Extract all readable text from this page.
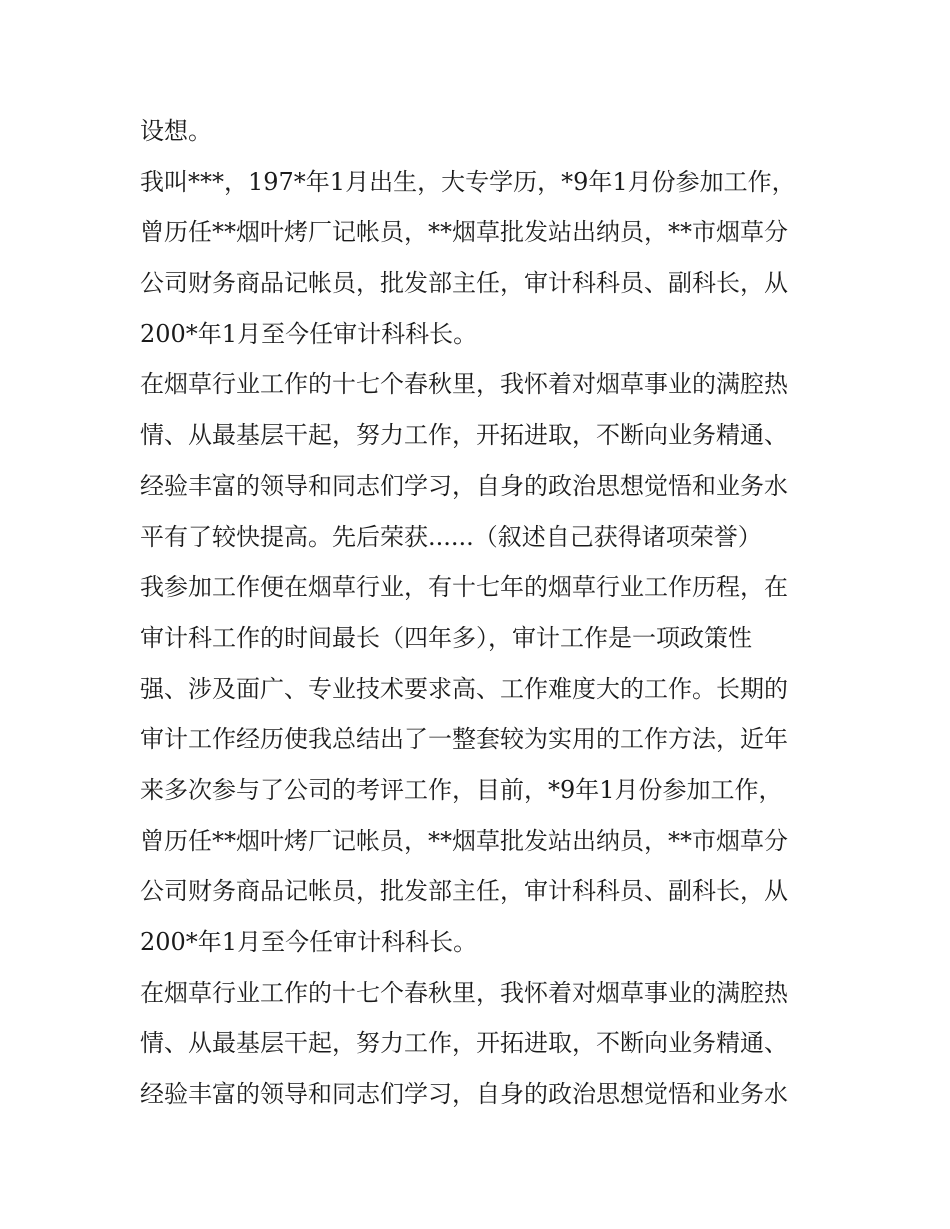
设想。
我叫***，197*年1月出生，大专学历，*9年1月份参加工作，
曾历任**烟叶烤厂记帐员，**烟草批发站出纳员，**市烟草分
公司财务商品记帐员，批发部主任，审计科科员、副科长，从
200*年1月至今任审计科科长。
在烟草行业工作的十七个春秋里，我怀着对烟草事业的满腔热
情、从最基层干起，努力工作，开拓进取，不断向业务精通、
经验丰富的领导和同志们学习，自身的政治思想觉悟和业务水
平有了较快提高。先后荣获......（叙述自己获得诸项荣誉）
我参加工作便在烟草行业，有十七年的烟草行业工作历程，在
审计科工作的时间最长（四年多），审计工作是一项政策性
强、涉及面广、专业技术要求高、工作难度大的工作。长期的
审计工作经历使我总结出了一整套较为实用的工作方法，近年
来多次参与了公司的考评工作，目前，*9年1月份参加工作，
曾历任**烟叶烤厂记帐员，**烟草批发站出纳员，**市烟草分
公司财务商品记帐员，批发部主任，审计科科员、副科长，从
200*年1月至今任审计科科长。
在烟草行业工作的十七个春秋里，我怀着对烟草事业的满腔热
情、从最基层干起，努力工作，开拓进取，不断向业务精通、
经验丰富的领导和同志们学习，自身的政治思想觉悟和业务水
